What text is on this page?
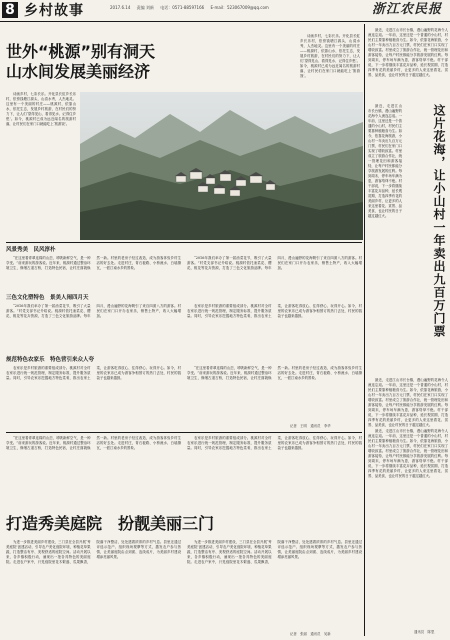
8 乡村故事	2017.6.14 责编 刘新 电话：0571-88597166 E-mail：523067009@qq.com	浙江农民报
世外“桃源”别有洞天
山水间发展美丽经济

诗画乡村，七彩长乐。开化县长虹乡长乐村，依傍钱塘江源头，山清水秀，人杰地灵。这里有一个美丽的村庄——桃源村，依靠山水，依托生态，发展乡村旅游，在村民们的努力下，让人们‘望得见山、看得见水、记得住乡愁’。如今，桃源村已成为远近闻名的旅游村落，让村民们在家门口就能吃上‘旅游饭’。

诗画乡村，七彩长乐。开化县长虹乡长乐村，依傍钱塘江源头，山清水秀，人杰地灵。这里有一个美丽的村庄——桃源村，依靠山水，依托生态，发展乡村旅游，在村民们的努力下，让人们‘望得见山、看得见水、记得住乡愁’。如今，桃源村已成为远近闻名的旅游村落，让村民们在家门口就能吃上‘旅游饭’。

风景秀美　民风淳朴

“在这里看青翠连绵的山峦，呼吸新鲜空气，是一种享受。”前来游玩的游客说。近年来，桃源村通过整治环境卫生，修缮古道古桥，打造特色民宿，让村庄面貌焕然一新。村里的老房子经过改造，成为游客体验乡村生活的好去处。走进村庄，青石板路、小桥流水、白墙黛瓦，一派江南水乡的景象。

“2016年我们举办了第一届油菜花节，吸引了大量游客。”村党支部书记介绍说。桃源村依托油菜花、樱花、桃花等花卉资源，打造了三色文化旅游品牌。每年四月，漫山遍野的花海吸引了来自四面八方的游客。村民们在家门口开办农家乐，销售土特产，收入大幅增加。

三色文化塑特色　景美人闹四月天

“2016年我们举办了第一届油菜花节，吸引了大量游客。”村党支部书记介绍说。桃源村依托油菜花、樱花、桃花等花卉资源，打造了三色文化旅游品牌。每年四月，漫山遍野的花海吸引了来自四面八方的游客。村民们在家门口开办农家乐，销售土特产，收入大幅增加。

农家乐是乡村旅游的重要组成部分。桃源村对全村农家乐进行统一规范管理，制定服务标准，提升服务质量。同时，引导农家乐挖掘地方特色菜肴，推出农家土菜，让游客吃得放心、住得舒心、玩得开心。如今，村里的农家乐已成为游客争相预订的热门去处，村民的钱袋子也越来越鼓。

规范特色农家乐　特色营引来众人夸

农家乐是乡村旅游的重要组成部分。桃源村对全村农家乐进行统一规范管理，制定服务标准，提升服务质量。同时，引导农家乐挖掘地方特色菜肴，推出农家土菜，让游客吃得放心、住得舒心、玩得开心。如今，村里的农家乐已成为游客争相预订的热门去处，村民的钱袋子也越来越鼓。

“在这里看青翠连绵的山峦，呼吸新鲜空气，是一种享受。”前来游玩的游客说。近年来，桃源村通过整治环境卫生，修缮古道古桥，打造特色民宿，让村庄面貌焕然一新。村里的老房子经过改造，成为游客体验乡村生活的好去处。走进村庄，青石板路、小桥流水、白墙黛瓦，一派江南水乡的景象。

记者　王明　通讯员　李华
这片花海，让小山村一年卖出九百万门票

最近，走进江山市长台镇，漫山遍野的花海令人流连忘返。一年前，这里还是一个普通的小山村，村民们主要靠种植粮食为生。如今，依靠花海旅游，小山村一年卖出九百万元门票，村民们在家门口实现了增收致富。村里成立了旅游合作社，统一管理花田和游客接待，让每户村民都能分享旅游发展的红利。每到周末，停车场车满为患，游客络绎不绝。村干部说，下一步将继续丰富花卉品种，延长观赏期，打造四季有花的美丽乡村，让更多的人来这里看花、赏景、品美食，也让村民的日子越过越红火。

最近，走进江山市长台镇，漫山遍野的花海令人流连忘返。一年前，这里还是一个普通的小山村，村民们主要靠种植粮食为生。如今，依靠花海旅游，小山村一年卖出九百万元门票，村民们在家门口实现了增收致富。村里成立了旅游合作社，统一管理花田和游客接待，让每户村民都能分享旅游发展的红利。每到周末，停车场车满为患，游客络绎不绝。村干部说，下一步将继续丰富花卉品种，延长观赏期，打造四季有花的美丽乡村，让更多的人来这里看花、赏景、品美食，也让村民的日子越过越红火。

最近，走进江山市长台镇，漫山遍野的花海令人流连忘返。一年前，这里还是一个普通的小山村，村民们主要靠种植粮食为生。如今，依靠花海旅游，小山村一年卖出九百万元门票，村民们在家门口实现了增收致富。村里成立了旅游合作社，统一管理花田和游客接待，让每户村民都能分享旅游发展的红利。每到周末，停车场车满为患，游客络绎不绝。村干部说，下一步将继续丰富花卉品种，延长观赏期，打造四季有花的美丽乡村，让更多的人来这里看花、赏景、品美食，也让村民的日子越过越红火。

最近，走进江山市长台镇，漫山遍野的花海令人流连忘返。一年前，这里还是一个普通的小山村，村民们主要靠种植粮食为生。如今，依靠花海旅游，小山村一年卖出九百万元门票，村民们在家门口实现了增收致富。村里成立了旅游合作社，统一管理花田和游客接待，让每户村民都能分享旅游发展的红利。每到周末，停车场车满为患，游客络绎不绝。村干部说，下一步将继续丰富花卉品种，延长观赏期，打造四季有花的美丽乡村，让更多的人来这里看花、赏景、品美食，也让村民的日子越过越红火。

通讯员　陈思

“在这里看青翠连绵的山峦，呼吸新鲜空气，是一种享受。”前来游玩的游客说。近年来，桃源村通过整治环境卫生，修缮古道古桥，打造特色民宿，让村庄面貌焕然一新。村里的老房子经过改造，成为游客体验乡村生活的好去处。走进村庄，青石板路、小桥流水、白墙黛瓦，一派江南水乡的景象。

农家乐是乡村旅游的重要组成部分。桃源村对全村农家乐进行统一规范管理，制定服务标准，提升服务质量。同时，引导农家乐挖掘地方特色菜肴，推出农家土菜，让游客吃得放心、住得舒心、玩得开心。如今，村里的农家乐已成为游客争相预订的热门去处，村民的钱袋子也越来越鼓。

打造秀美庭院　扮靓美丽三门

为进一步推进美丽乡村建设，三门县在全县开展‘秀美庭院’创建活动，引导农户美化庭院环境，种植花草果蔬，打造整洁有序、美观舒适的庭院空间。活动开展以来，各乡镇积极行动，涌现出一批各具特色的美丽庭院。走进农户家中，只见庭院里花木繁盛、瓜果飘香，院落干净整洁，处处透着浓浓的乡村气息。县里还通过评选示范户、组织现场观摩等方式，激发农户参与热情，让美丽庭院由点到面、连线成片，为美丽乡村建设增添亮丽风景。

为进一步推进美丽乡村建设，三门县在全县开展‘秀美庭院’创建活动，引导农户美化庭院环境，种植花草果蔬，打造整洁有序、美观舒适的庭院空间。活动开展以来，各乡镇积极行动，涌现出一批各具特色的美丽庭院。走进农户家中，只见庭院里花木繁盛、瓜果飘香，院落干净整洁，处处透着浓浓的乡村气息。县里还通过评选示范户、组织现场观摩等方式，激发农户参与热情，让美丽庭院由点到面、连线成片，为美丽乡村建设增添亮丽风景。

记者　张丽　通讯员　吴新
